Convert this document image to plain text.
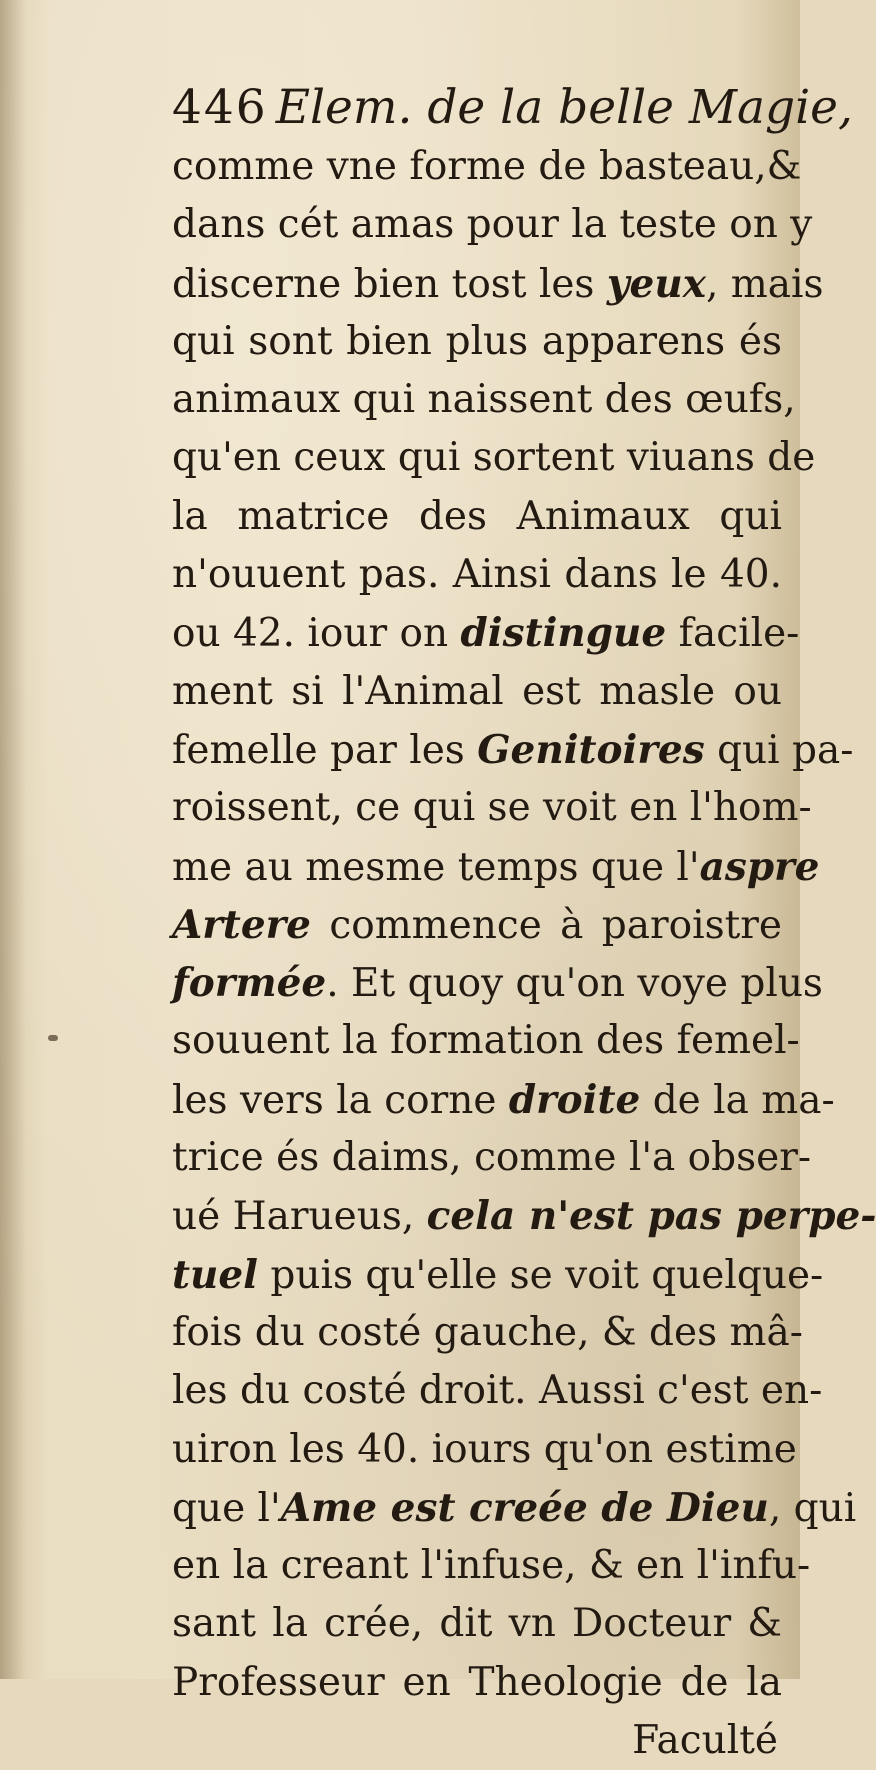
446 Elem. de la belle Magie,
comme vne forme de basteau,&
dans cét amas pour la teste on y
discerne bien tost les yeux, mais
qui sont bien plus apparens és
animaux qui naissent des œufs,
qu'en ceux qui sortent viuans de
la matrice des Animaux qui
n'ouuent pas. Ainsi dans le 40.
ou 42. iour on distingue facile-
ment si l'Animal est masle ou
femelle par les Genitoires qui pa-
roissent, ce qui se voit en l'hom-
me au mesme temps que l'aspre
Artere commence à paroistre
formée. Et quoy qu'on voye plus
souuent la formation des femel-
les vers la corne droite de la ma-
trice és daims, comme l'a obser-
ué Harueus, cela n'est pas perpe-
tuel puis qu'elle se voit quelque-
fois du costé gauche, & des mâ-
les du costé droit. Aussi c'est en-
uiron les 40. iours qu'on estime
que l'Ame est creée de Dieu, qui
en la creant l'infuse, & en l'infu-
sant la crée, dit vn Docteur &
Professeur en Theologie de la
Faculté
